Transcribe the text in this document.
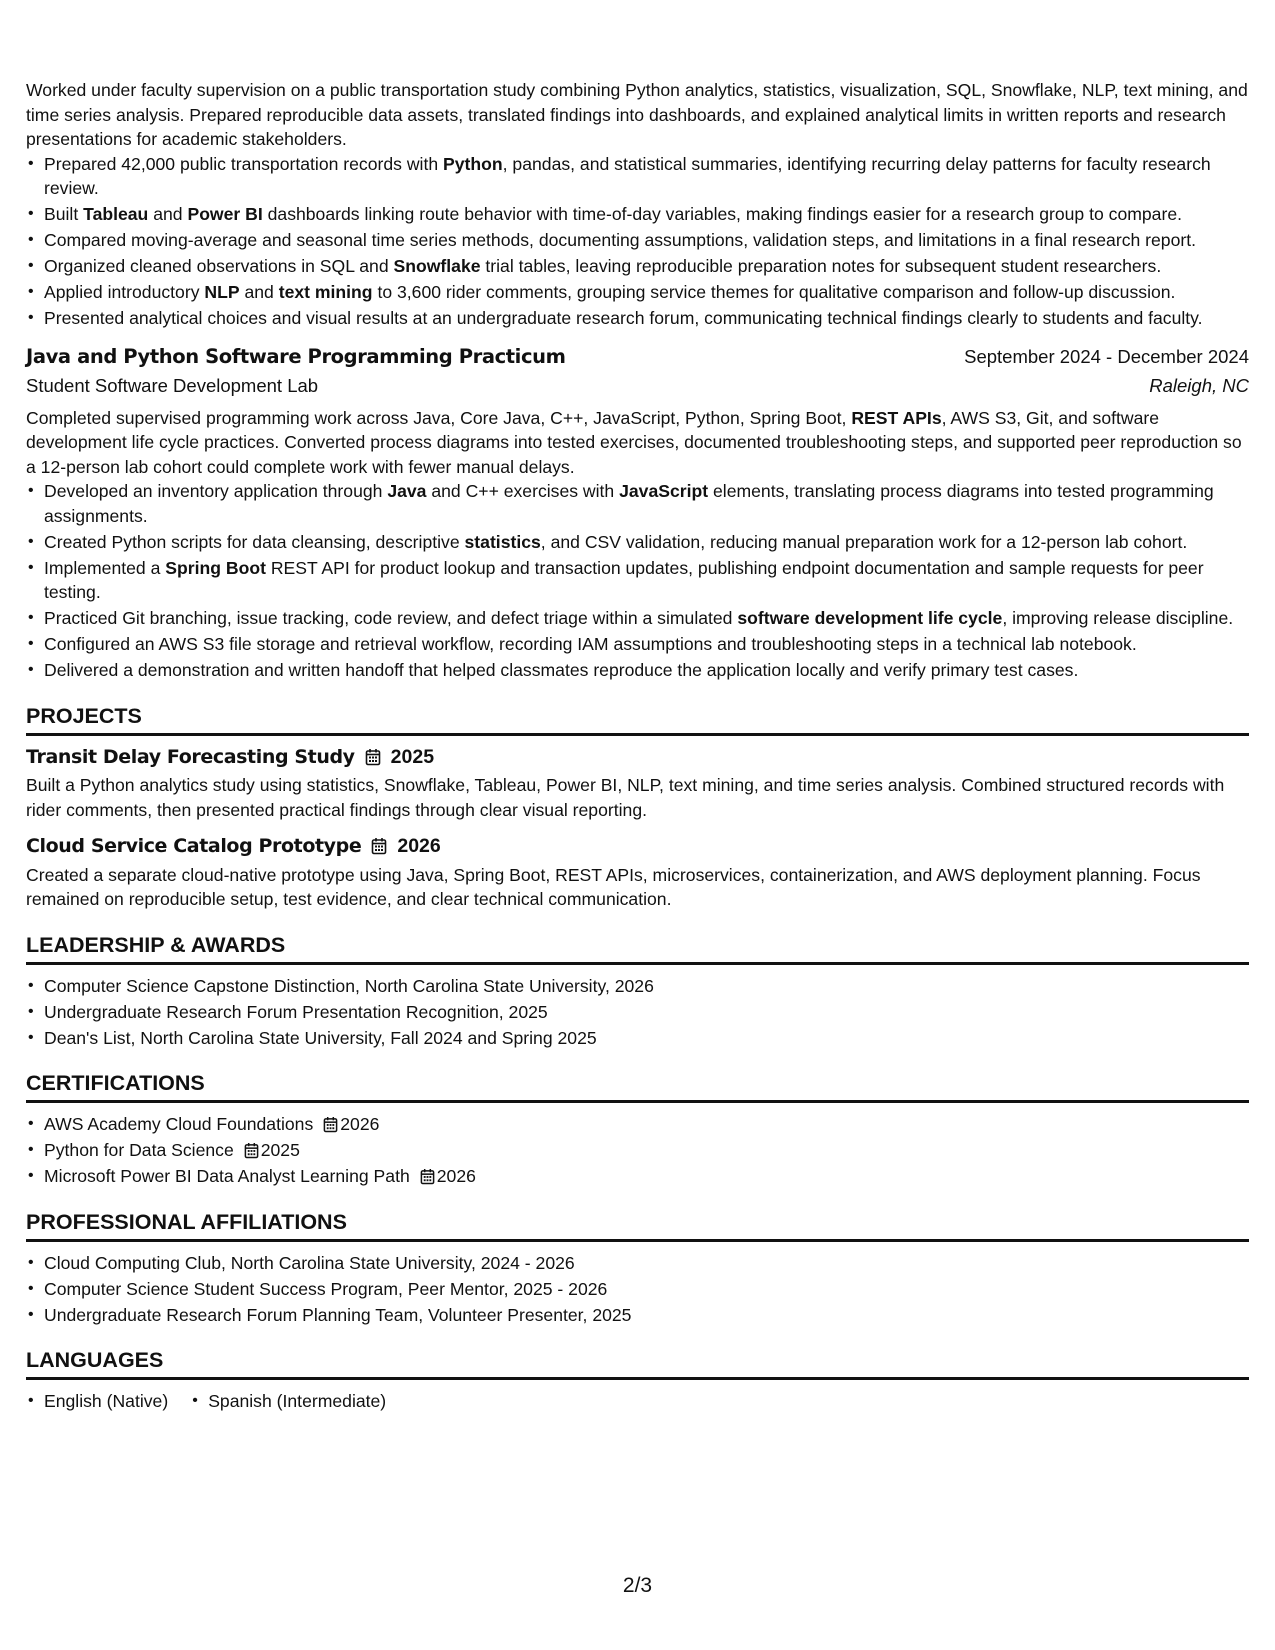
Worked under faculty supervision on a public transportation study combining Python analytics, statistics, visualization, SQL, Snowflake, NLP, text mining, and time series analysis. Prepared reproducible data assets, translated findings into dashboards, and explained analytical limits in written reports and research presentations for academic stakeholders.

• Prepared 42,000 public transportation records with Python, pandas, and statistical summaries, identifying recurring delay patterns for faculty research review.
• Built Tableau and Power BI dashboards linking route behavior with time-of-day variables, making findings easier for a research group to compare.
• Compared moving-average and seasonal time series methods, documenting assumptions, validation steps, and limitations in a final research report.
• Organized cleaned observations in SQL and Snowflake trial tables, leaving reproducible preparation notes for subsequent student researchers.
• Applied introductory NLP and text mining to 3,600 rider comments, grouping service themes for qualitative comparison and follow-up discussion.
• Presented analytical choices and visual results at an undergraduate research forum, communicating technical findings clearly to students and faculty.
Java and Python Software Programming Practicum	September 2024 - December 2024
Student Software Development Lab	Raleigh, NC

Completed supervised programming work across Java, Core Java, C++, JavaScript, Python, Spring Boot, REST APIs, AWS S3, Git, and software development life cycle practices. Converted process diagrams into tested exercises, documented troubleshooting steps, and supported peer reproduction so a 12-person lab cohort could complete work with fewer manual delays.

• Developed an inventory application through Java and C++ exercises with JavaScript elements, translating process diagrams into tested programming assignments.
• Created Python scripts for data cleansing, descriptive statistics, and CSV validation, reducing manual preparation work for a 12-person lab cohort.
• Implemented a Spring Boot REST API for product lookup and transaction updates, publishing endpoint documentation and sample requests for peer testing.
• Practiced Git branching, issue tracking, code review, and defect triage within a simulated software development life cycle, improving release discipline.
• Configured an AWS S3 file storage and retrieval workflow, recording IAM assumptions and troubleshooting steps in a technical lab notebook.
• Delivered a demonstration and written handoff that helped classmates reproduce the application locally and verify primary test cases.
PROJECTS
Transit Delay Forecasting Study 2025

Built a Python analytics study using statistics, Snowflake, Tableau, Power BI, NLP, text mining, and time series analysis. Combined structured records with rider comments, then presented practical findings through clear visual reporting.

Cloud Service Catalog Prototype 2026

Created a separate cloud-native prototype using Java, Spring Boot, REST APIs, microservices, containerization, and AWS deployment planning. Focus remained on reproducible setup, test evidence, and clear technical communication.

LEADERSHIP & AWARDS
• Computer Science Capstone Distinction, North Carolina State University, 2026
• Undergraduate Research Forum Presentation Recognition, 2025
• Dean's List, North Carolina State University, Fall 2024 and Spring 2025
CERTIFICATIONS
• AWS Academy Cloud Foundations 2026
• Python for Data Science 2025
• Microsoft Power BI Data Analyst Learning Path 2026
PROFESSIONAL AFFILIATIONS
• Cloud Computing Club, North Carolina State University, 2024 - 2026
• Computer Science Student Success Program, Peer Mentor, 2025 - 2026
• Undergraduate Research Forum Planning Team, Volunteer Presenter, 2025
LANGUAGES
• English (Native)
•	Spanish (Intermediate)
2/3
